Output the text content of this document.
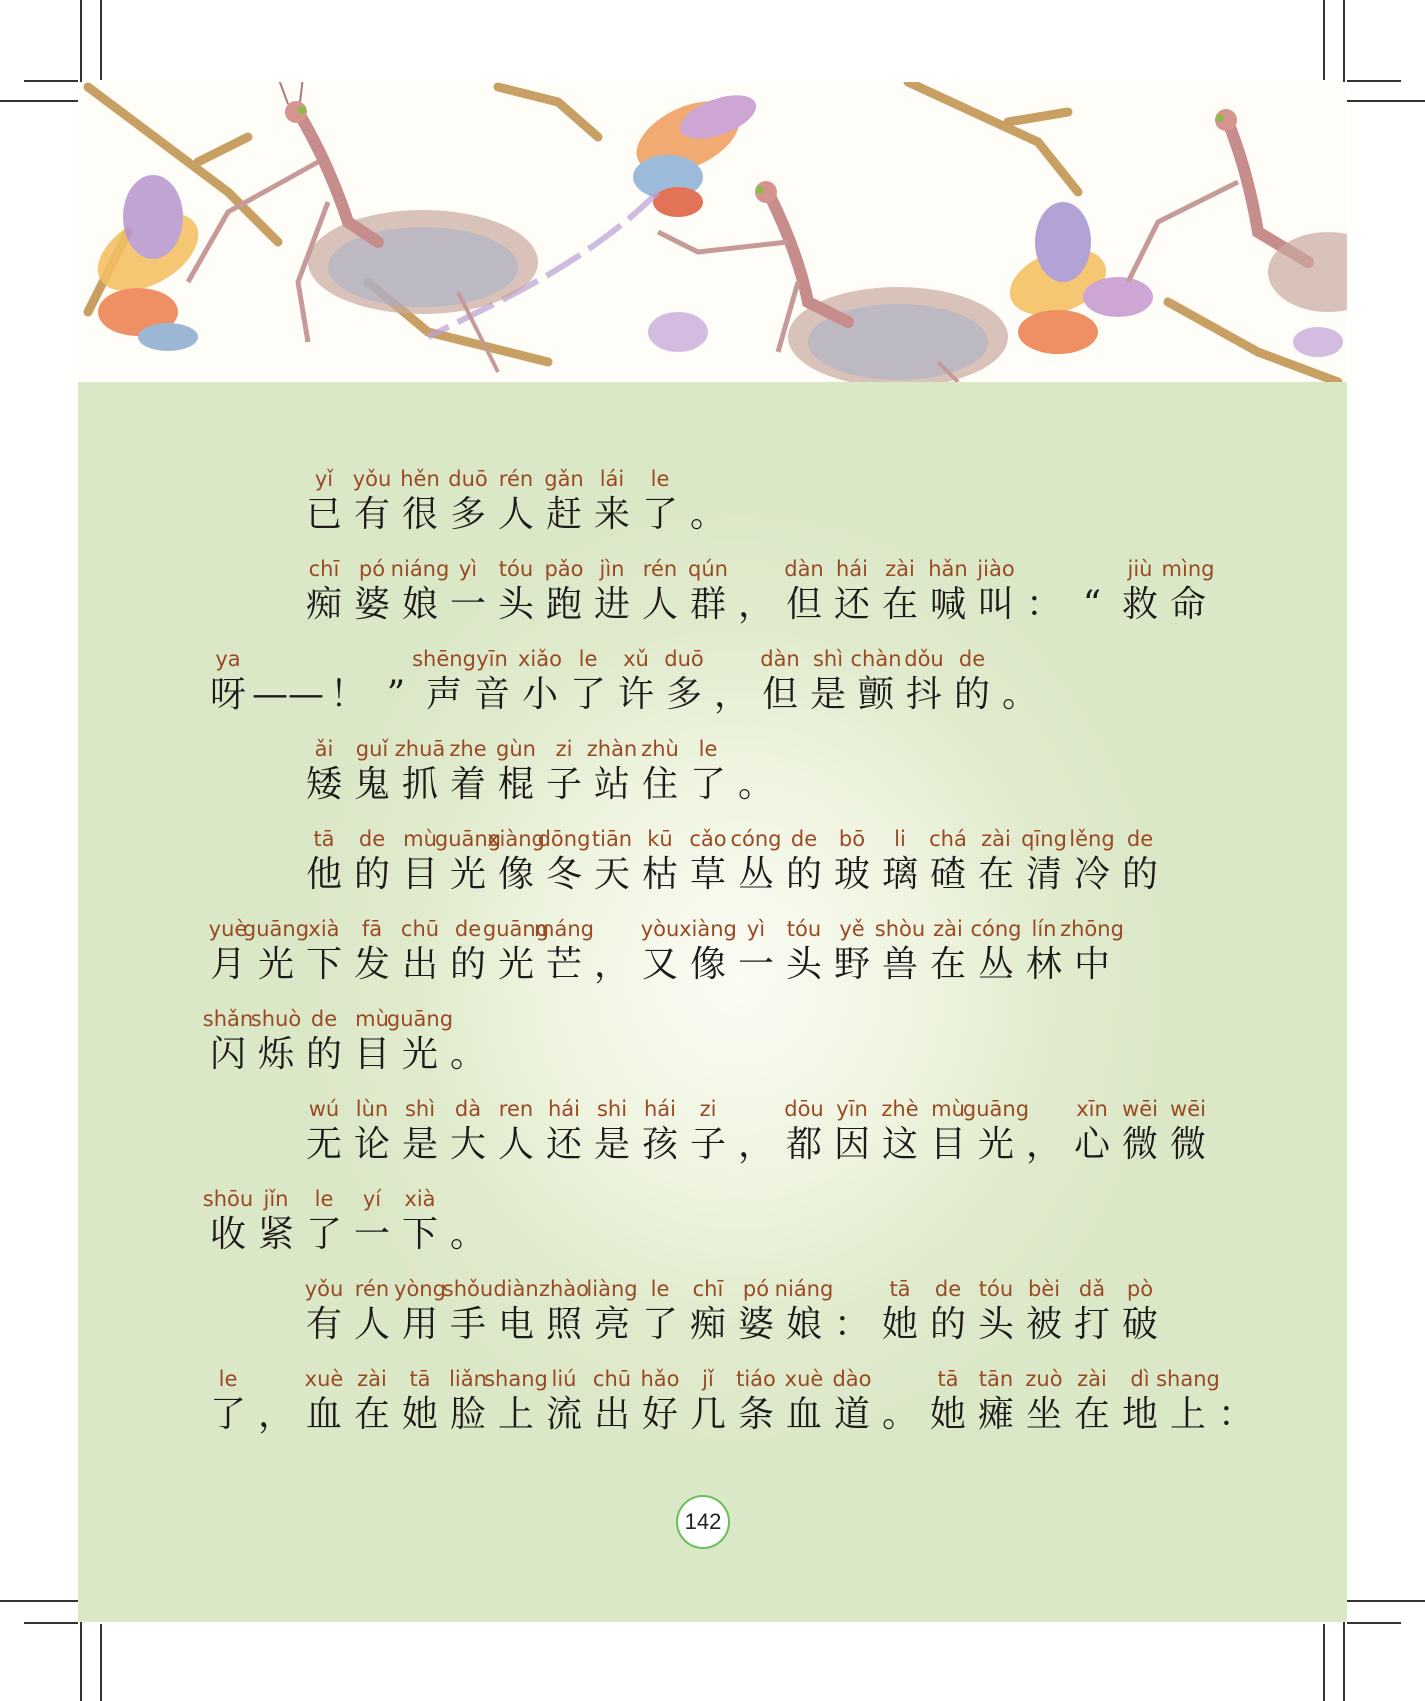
yǐ
已
yǒu
有
hěn
很
duō
多
rén
人
gǎn
赶
lái
来
le
了 。
chī
痴
pó
婆
niáng
娘
yì
一
tóu
头
pǎo
跑
jìn
进
rén
人
qún
群 ，
dàn
但
hái
还
zài
在
hǎn
喊
jiào
叫 ： “
jiù
救
mìng
命
ya
呀 —— ！ ”
shēng
声
yīn
音
xiǎo
小
le
了
xǔ
许
duō
多 ，
dàn
但
shì
是
chàn
颤
dǒu
抖
de
的 。
ǎi
矮
guǐ
鬼
zhuā
抓
zhe
着
gùn
棍
zi
子
zhàn
站
zhù
住
le
了 。
tā
他
de
的
mù
目
guāng
光
xiàng
像
dōng
冬
tiān
天
kū
枯
cǎo
草
cóng
丛
de
的
bō
玻
li
璃
chá
碴
zài
在
qīng
清
lěng
冷
de
的
yuè
月
guāng
光
xià
下
fā
发
chū
出
de
的
guāng
光
máng
芒 ，
yòu
又
xiàng
像
yì
一
tóu
头
yě
野
shòu
兽
zài
在
cóng
丛
lín
林
zhōng
中
shǎn
闪
shuò
烁
de
的
mù
目
guāng
光 。
wú
无
lùn
论
shì
是
dà
大
ren
人
hái
还
shi
是
hái
孩
zi
子 ，
dōu
都
yīn
因
zhè
这
mù
目
guāng
光 ，
xīn
心
wēi
微
wēi
微
shōu
收
jǐn
紧
le
了
yí
一
xià
下 。
yǒu
有
rén
人
yòng
用
shǒu
手
diàn
电
zhào
照
liàng
亮
le
了
chī
痴
pó
婆
niáng
娘 ：
tā
她
de
的
tóu
头
bèi
被
dǎ
打
pò
破
le
了 ，
xuè
血
zài
在
tā
她
liǎn
脸
shang
上
liú
流
chū
出
hǎo
好
jǐ
几
tiáo
条
xuè
血
dào
道 。
tā
她
tān
瘫
zuò
坐
zài
在
dì
地
shang
上 ：
142
